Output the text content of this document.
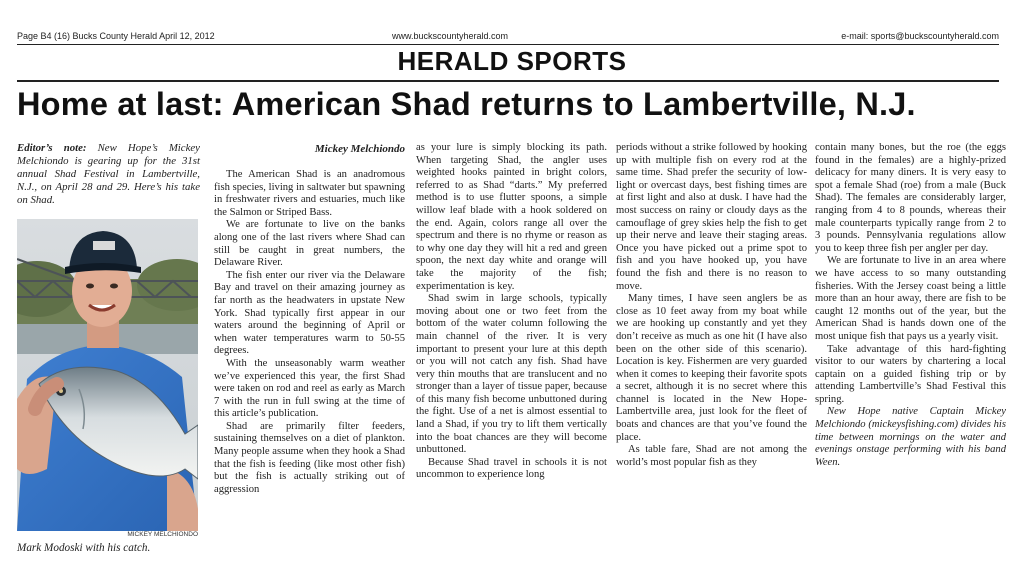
Page B4 (16) Bucks County Herald April 12, 2012	www.buckscountyherald.com	e-mail: sports@buckscountyherald.com
HERALD SPORTS
Home at last: American Shad returns to Lambertville, N.J.
Editor’s note: New Hope’s Mickey Melchiondo is gearing up for the 31st annual Shad Festival in Lambertville, N.J., on April 28 and 29. Here’s his take on Shad.
MICKEY MELCHIONDO
Mark Modoski with his catch.
Mickey Melchiondo

The American Shad is an anadromous fish species, living in saltwater but spawning in freshwater rivers and estuaries, much like the Salmon or Striped Bass.

We are fortunate to live on the banks along one of the last rivers where Shad can still be caught in great numbers, the Delaware River.

The fish enter our river via the Delaware Bay and travel on their amazing journey as far north as the headwaters in upstate New York. Shad typically first appear in our waters around the beginning of April or when water temperatures warm to 50-55 degrees.

With the unseasonably warm weather we’ve experienced this year, the first Shad were taken on rod and reel as early as March 7 with the run in full swing at the time of this article’s publication.

Shad are primarily filter feeders, sustaining themselves on a diet of plankton. Many people assume when they hook a Shad that the fish is feeding (like most other fish) but the fish is actually striking out of aggression

as your lure is simply blocking its path. When targeting Shad, the angler uses weighted hooks painted in bright colors, referred to as Shad “darts.” My preferred method is to use flutter spoons, a simple willow leaf blade with a hook soldered on the end. Again, colors range all over the spectrum and there is no rhyme or reason as to why one day they will hit a red and green spoon, the next day white and orange will take the majority of the fish; experimentation is key.

Shad swim in large schools, typically moving about one or two feet from the bottom of the water column following the main channel of the river. It is very important to present your lure at this depth or you will not catch any fish. Shad have very thin mouths that are translucent and no stronger than a layer of tissue paper, because of this many fish become unbuttoned during the fight. Use of a net is almost essential to land a Shad, if you try to lift them vertically into the boat chances are they will become unbuttoned.

Because Shad travel in schools it is not uncommon to experience long

periods without a strike followed by hooking up with multiple fish on every rod at the same time. Shad prefer the security of low-light or overcast days, best fishing times are at first light and also at dusk. I have had the most success on rainy or cloudy days as the camouflage of grey skies help the fish to get up their nerve and leave their staging areas. Once you have picked out a prime spot to fish and you have hooked up, you have found the fish and there is no reason to move.

Many times, I have seen anglers be as close as 10 feet away from my boat while we are hooking up constantly and yet they don’t receive as much as one hit (I have also been on the other side of this scenario). Location is key. Fishermen are very guarded when it comes to keeping their favorite spots a secret, although it is no secret where this channel is located in the New Hope-Lambertville area, just look for the fleet of boats and chances are that you’ve found the place.

As table fare, Shad are not among the world’s most popular fish as they

contain many bones, but the roe (the eggs found in the females) are a highly-prized delicacy for many diners. It is very easy to spot a female Shad (roe) from a male (Buck Shad). The females are considerably larger, ranging from 4 to 8 pounds, whereas their male counterparts typically range from 2 to 3 pounds. Pennsylvania regulations allow you to keep three fish per angler per day.

We are fortunate to live in an area where we have access to so many outstanding fisheries. With the Jersey coast being a little more than an hour away, there are fish to be caught 12 months out of the year, but the American Shad is hands down one of the most unique fish that pays us a yearly visit.

Take advantage of this hard-fighting visitor to our waters by chartering a local captain on a guided fishing trip or by attending Lambertville’s Shad Festival this spring.

New Hope native Captain Mickey Melchiondo (mickeysfishing.com) divides his time between mornings on the water and evenings onstage performing with his band Ween.
